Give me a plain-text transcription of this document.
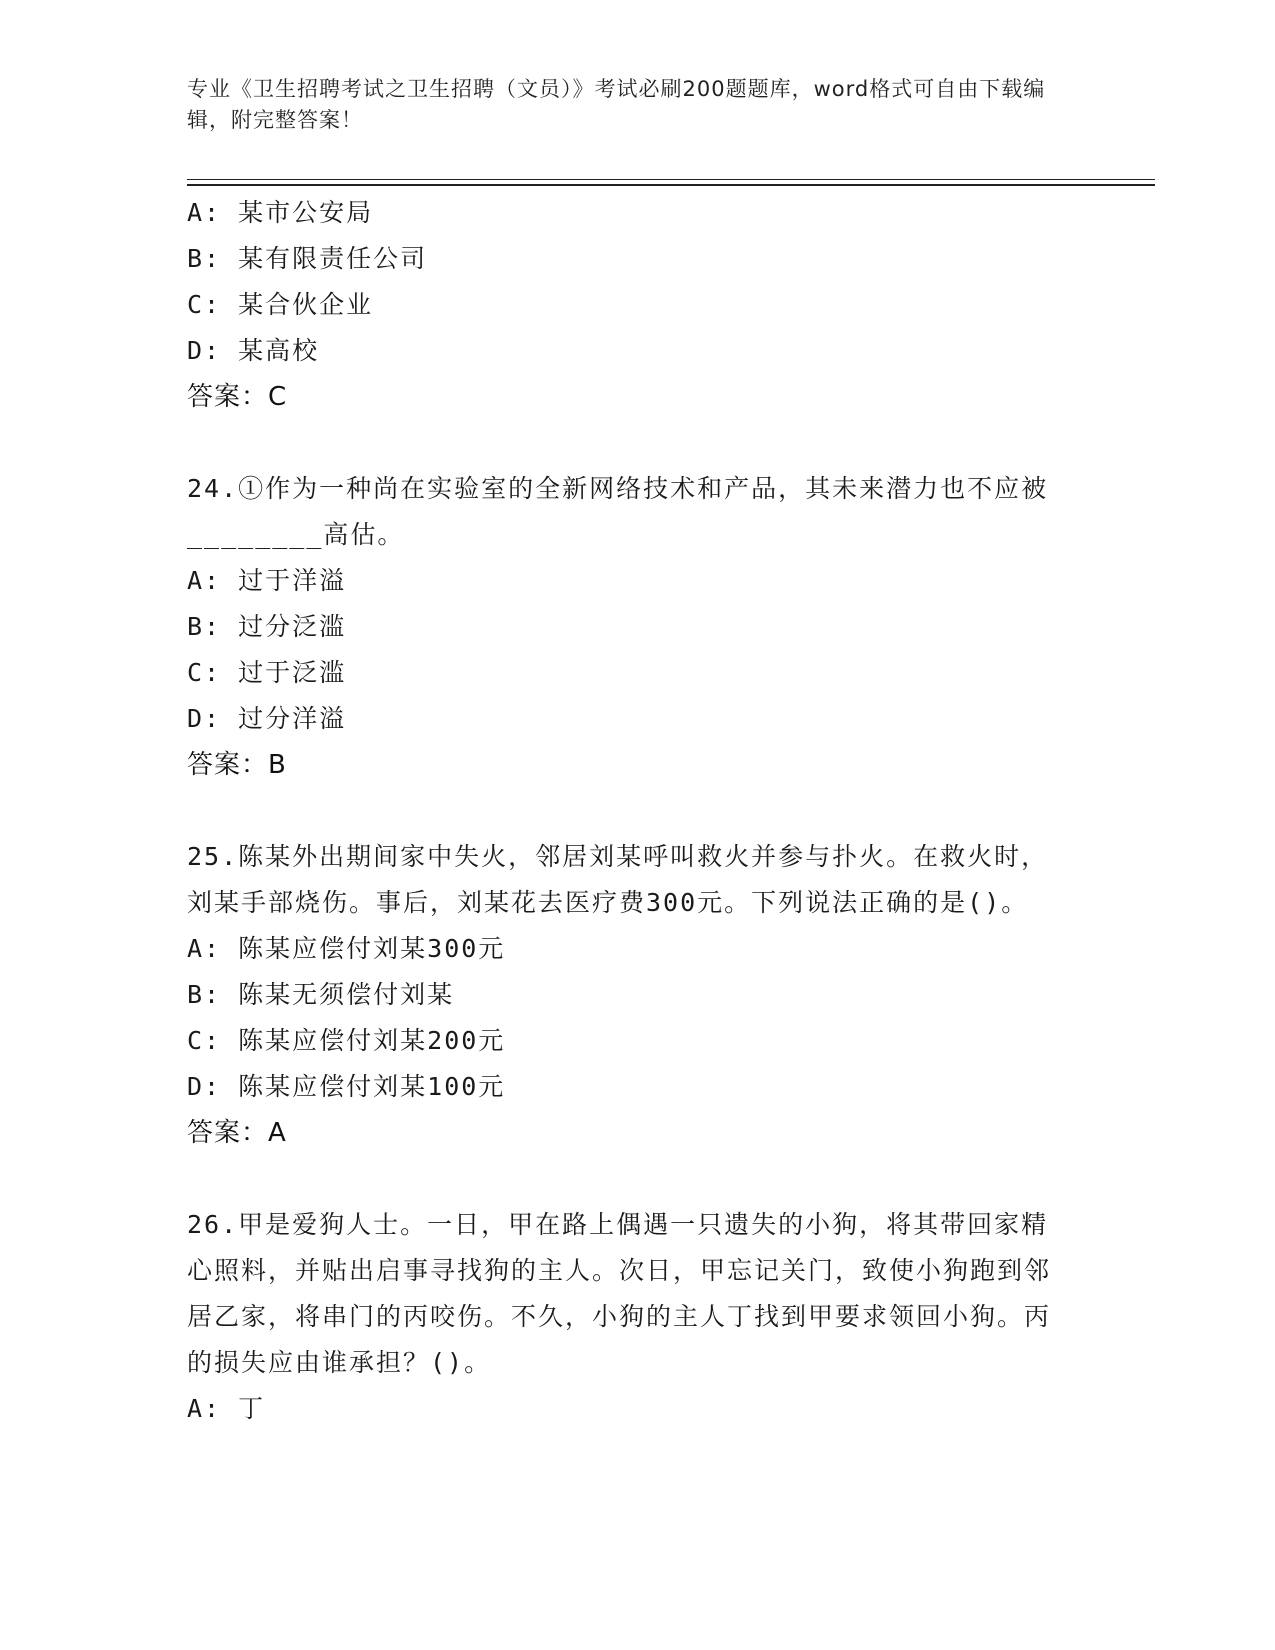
专业《卫生招聘考试之卫生招聘（文员）》考试必刷200题题库，word格式可自由下载编辑，附完整答案！
A: 某市公安局
B: 某有限责任公司
C: 某合伙企业
D: 某高校
答案：C
24.①作为一种尚在实验室的全新网络技术和产品，其未来潜力也不应被________高估。
A: 过于洋溢
B: 过分泛滥
C: 过于泛滥
D: 过分洋溢
答案：B
25.陈某外出期间家中失火，邻居刘某呼叫救火并参与扑火。在救火时，刘某手部烧伤。事后，刘某花去医疗费300元。下列说法正确的是()。
A: 陈某应偿付刘某300元
B: 陈某无须偿付刘某
C: 陈某应偿付刘某200元
D: 陈某应偿付刘某100元
答案：A
26.甲是爱狗人士。一日，甲在路上偶遇一只遗失的小狗，将其带回家精心照料，并贴出启事寻找狗的主人。次日，甲忘记关门，致使小狗跑到邻居乙家，将串门的丙咬伤。不久，小狗的主人丁找到甲要求领回小狗。丙的损失应由谁承担？()。
A: 丁
